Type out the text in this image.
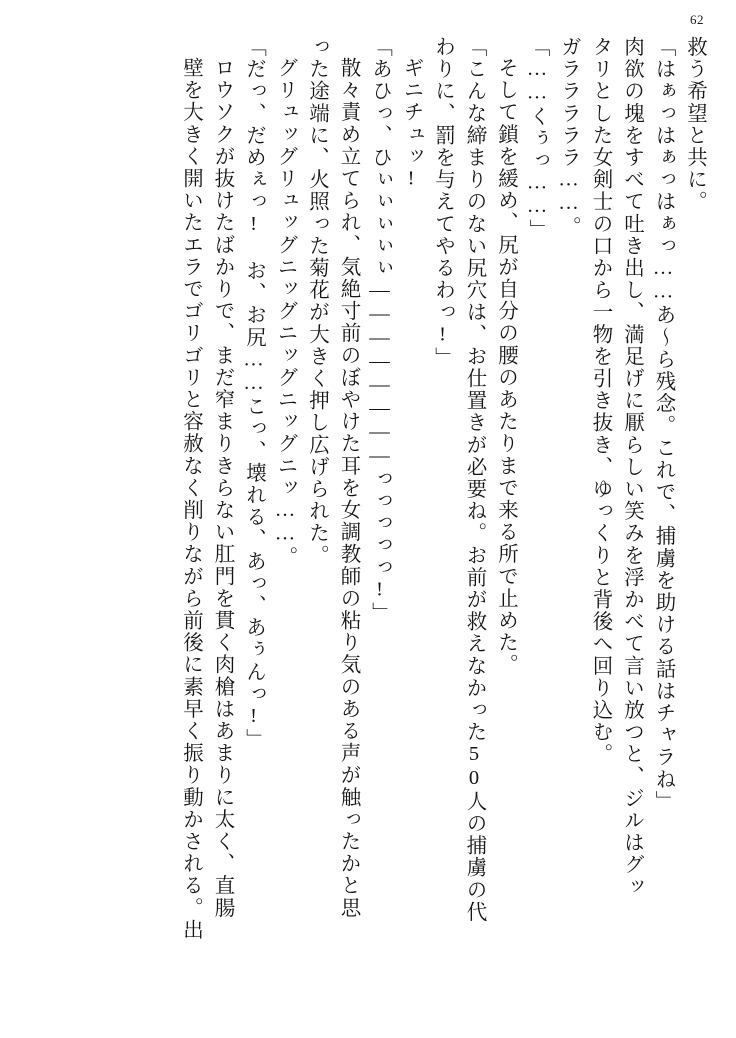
62
救う希望と共に。
「はぁっはぁっはぁっ……あ〜ら残念。これで、捕虜を助ける話はチャラね」
肉欲の塊をすべて吐き出し、満足げに厭らしい笑みを浮かべて言い放つと、ジルはグッ
タリとした女剣士の口から一物を引き抜き、ゆっくりと背後へ回り込む。
ガラララララ……。
「……くぅっ……」
そして鎖を緩め、尻が自分の腰のあたりまで来る所で止めた。
「こんな締まりのない尻穴は、お仕置きが必要ね。お前が救えなかった50人の捕虜の代
わりに、罰を与えてやるわっ!」
ギニチュッ!
「あひっ、ひぃぃぃぃぃ————————っっっっっ!」
散々責め立てられ、気絶寸前のぼやけた耳を女調教師の粘り気のある声が触ったかと思
った途端に、火照った菊花が大きく押し広げられた。
グリュッグリュッグニッグニッグニッグニッ……。
「だっ、だめぇっ! お、お尻……こっ、壊れる、あっ、あぅんっ!」
ロウソクが抜けたばかりで、まだ窄まりきらない肛門を貫く肉槍はあまりに太く、直腸
壁を大きく開いたエラでゴリゴリと容赦なく削りながら前後に素早く振り動かされる。出
